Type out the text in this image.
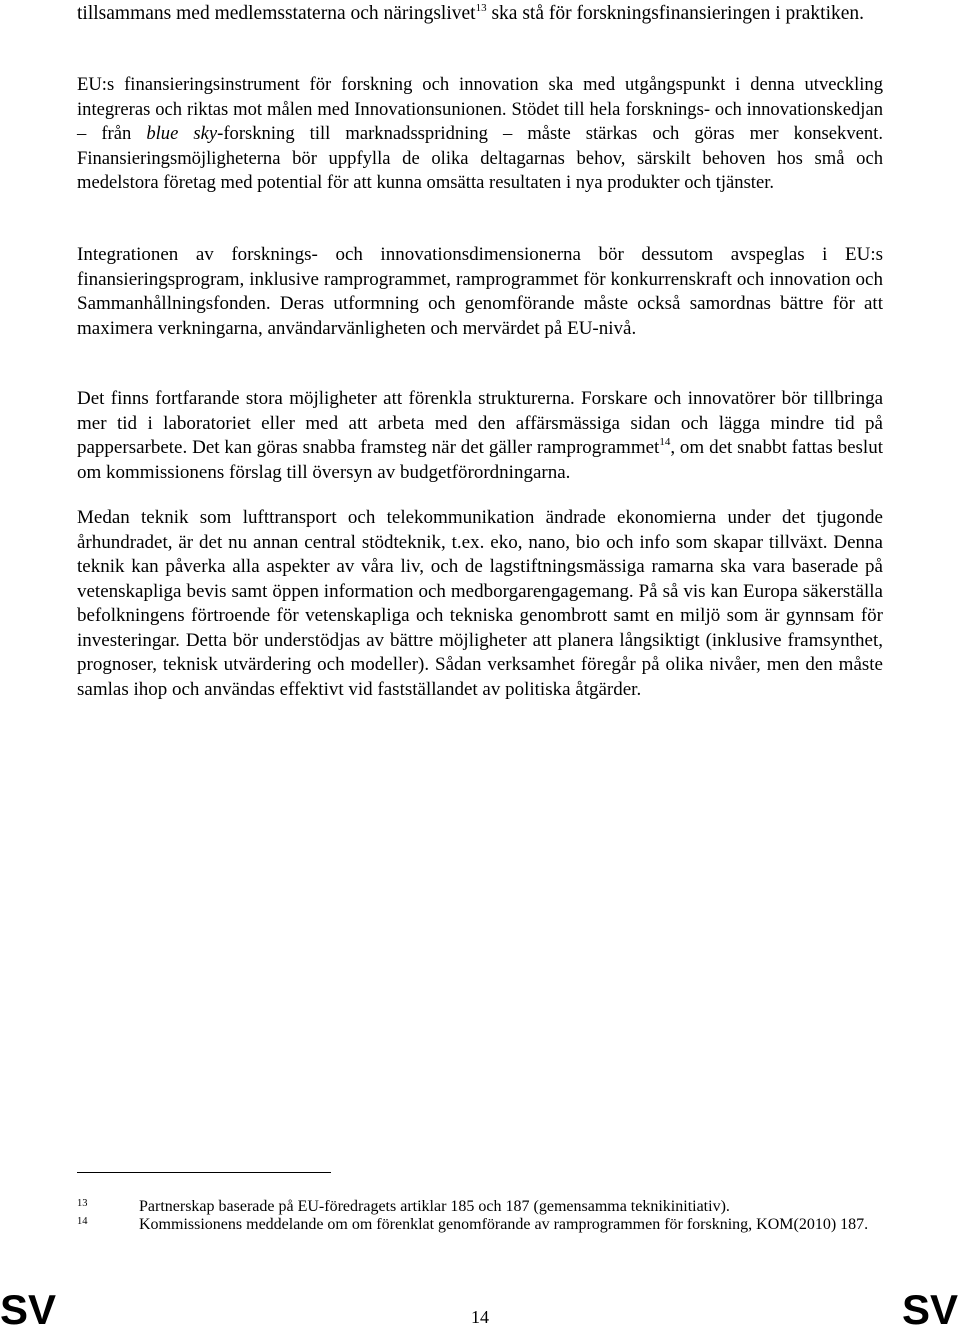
tillsammans med medlemsstaterna och näringslivet$^{13}$ ska stå för forskningsfinansieringen i praktiken.

EU:s finansieringsinstrument för forskning och innovation ska med utgångspunkt i denna utveckling integreras och riktas mot målen med Innovationsunionen. Stödet till hela forsknings- och innovationskedjan – från blue sky-forskning till marknadsspridning – måste stärkas och göras mer konsekvent. Finansieringsmöjligheterna bör uppfylla de olika deltagarnas behov, särskilt behoven hos små och medelstora företag med potential för att kunna omsätta resultaten i nya produkter och tjänster.

Integrationen av forsknings- och innovationsdimensionerna bör dessutom avspeglas i EU:s finansieringsprogram, inklusive ramprogrammet, ramprogrammet för konkurrenskraft och innovation och Sammanhållningsfonden. Deras utformning och genomförande måste också samordnas bättre för att maximera verkningarna, användarvänligheten och mervärdet på EU-nivå.

Det finns fortfarande stora möjligheter att förenkla strukturerna. Forskare och innovatörer bör tillbringa mer tid i laboratoriet eller med att arbeta med den affärsmässiga sidan och lägga mindre tid på pappersarbete. Det kan göras snabba framsteg när det gäller ramprogrammet$^{14}$, om det snabbt fattas beslut om kommissionens förslag till översyn av budgetförordningarna.

Medan teknik som lufttransport och telekommunikation ändrade ekonomierna under det tjugonde århundradet, är det nu annan central stödteknik, t.ex. eko, nano, bio och info som skapar tillväxt. Denna teknik kan påverka alla aspekter av våra liv, och de lagstiftningsmässiga ramarna ska vara baserade på vetenskapliga bevis samt öppen information och medborgarengagemang. På så vis kan Europa säkerställa befolkningens förtroende för vetenskapliga och tekniska genombrott samt en miljö som är gynnsam för investeringar. Detta bör understödjas av bättre möjligheter att planera långsiktigt (inklusive framsynthet, prognoser, teknisk utvärdering och modeller). Sådan verksamhet föregår på olika nivåer, men den måste samlas ihop och användas effektivt vid fastställandet av politiska åtgärder.

13	Partnerskap baserade på EU-föredragets artiklar 185 och 187 (gemensamma teknikinitiativ).
14	Kommissionens meddelande om om förenklat genomförande av ramprogrammen för forskning, KOM(2010) 187.
SV	14	SV
